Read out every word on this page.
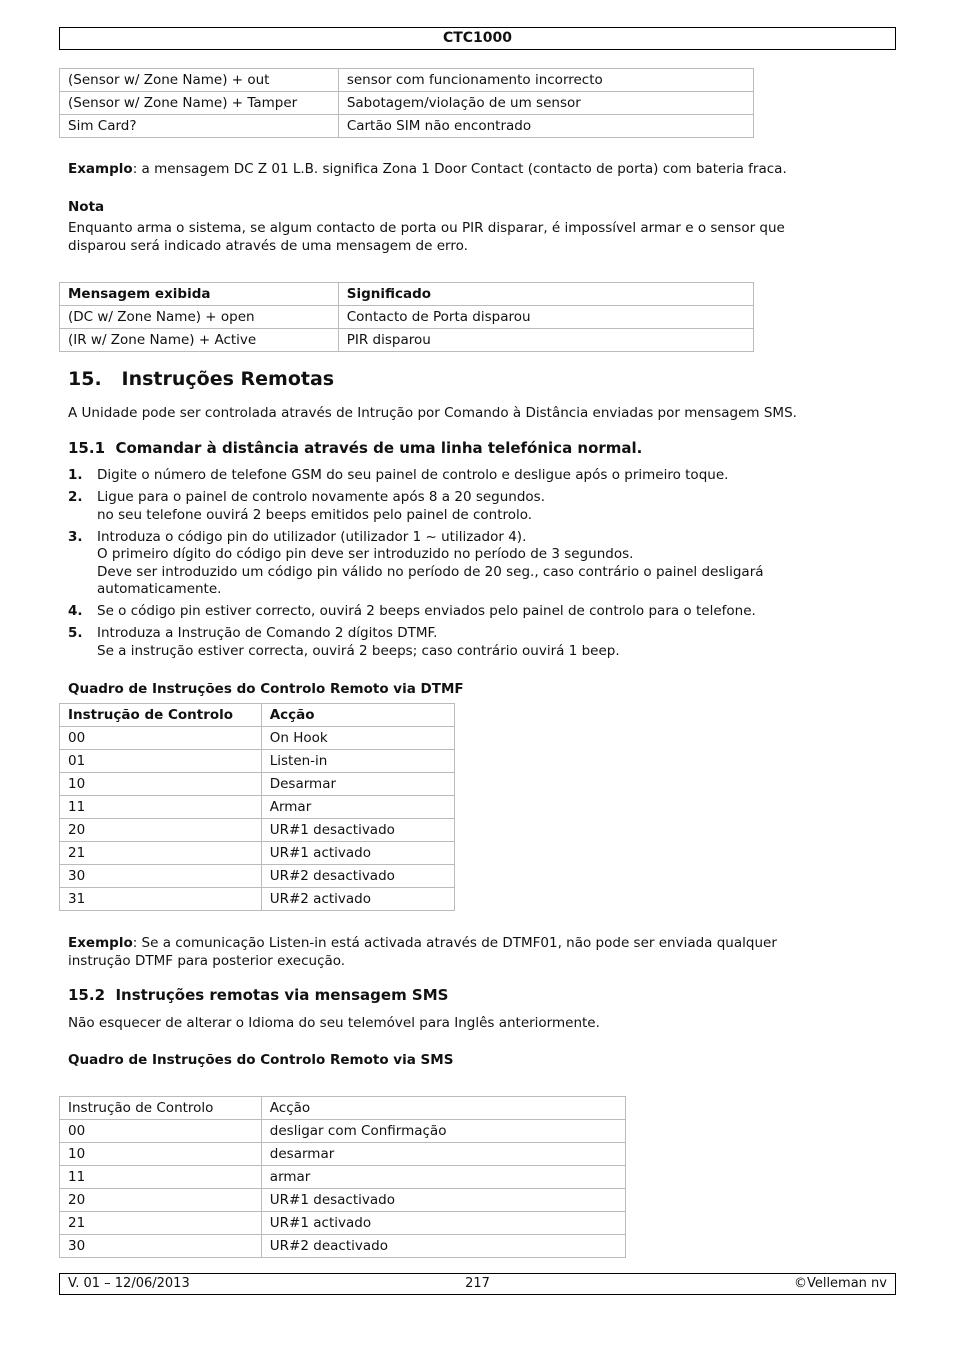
CTC1000
(Sensor w/ Zone Name) + out	sensor com funcionamento incorrecto
(Sensor w/ Zone Name) + Tamper	Sabotagem/violação de um sensor
Sim Card?	Cartão SIM não encontrado
Examplo: a mensagem DC Z 01 L.B. significa Zona 1 Door Contact (contacto de porta) com bateria fraca.
Nota
Enquanto arma o sistema, se algum contacto de porta ou PIR disparar, é impossível armar e o sensor que
disparou será indicado através de uma mensagem de erro.
Mensagem exibida	Significado
(DC w/ Zone Name) + open	Contacto de Porta disparou
(IR w/ Zone Name) + Active	PIR disparou
15.   Instruções Remotas
A Unidade pode ser controlada através de Intrução por Comando à Distância enviadas por mensagem SMS.
15.1  Comandar à distância através de uma linha telefónica normal.
1. Digite o número de telefone GSM do seu painel de controlo e desligue após o primeiro toque.
2. Ligue para o painel de controlo novamente após 8 a 20 segundos.
no seu telefone ouvirá 2 beeps emitidos pelo painel de controlo.
3. Introduza o código pin do utilizador (utilizador 1 ~ utilizador 4).
O primeiro dígito do código pin deve ser introduzido no período de 3 segundos.
Deve ser introduzido um código pin válido no período de 20 seg., caso contrário o painel desligará
automaticamente.
4. Se o código pin estiver correcto, ouvirá 2 beeps enviados pelo painel de controlo para o telefone.
5. Introduza a Instrução de Comando 2 dígitos DTMF.
Se a instrução estiver correcta, ouvirá 2 beeps; caso contrário ouvirá 1 beep.
Quadro de Instruções do Controlo Remoto via DTMF
Instrução de Controlo	Acção
00	On Hook
01	Listen-in
10	Desarmar
11	Armar
20	UR#1 desactivado
21	UR#1 activado
30	UR#2 desactivado
31	UR#2 activado
Exemplo: Se a comunicação Listen-in está activada através de DTMF01, não pode ser enviada qualquer
instrução DTMF para posterior execução.
15.2  Instruções remotas via mensagem SMS
Não esquecer de alterar o Idioma do seu telemóvel para Inglês anteriormente.
Quadro de Instruções do Controlo Remoto via SMS
Instrução de Controlo	Acção
00	desligar com Confirmação
10	desarmar
11	armar
20	UR#1 desactivado
21	UR#1 activado
30	UR#2 deactivado
V. 01 – 12/06/2013	217	©Velleman nv
